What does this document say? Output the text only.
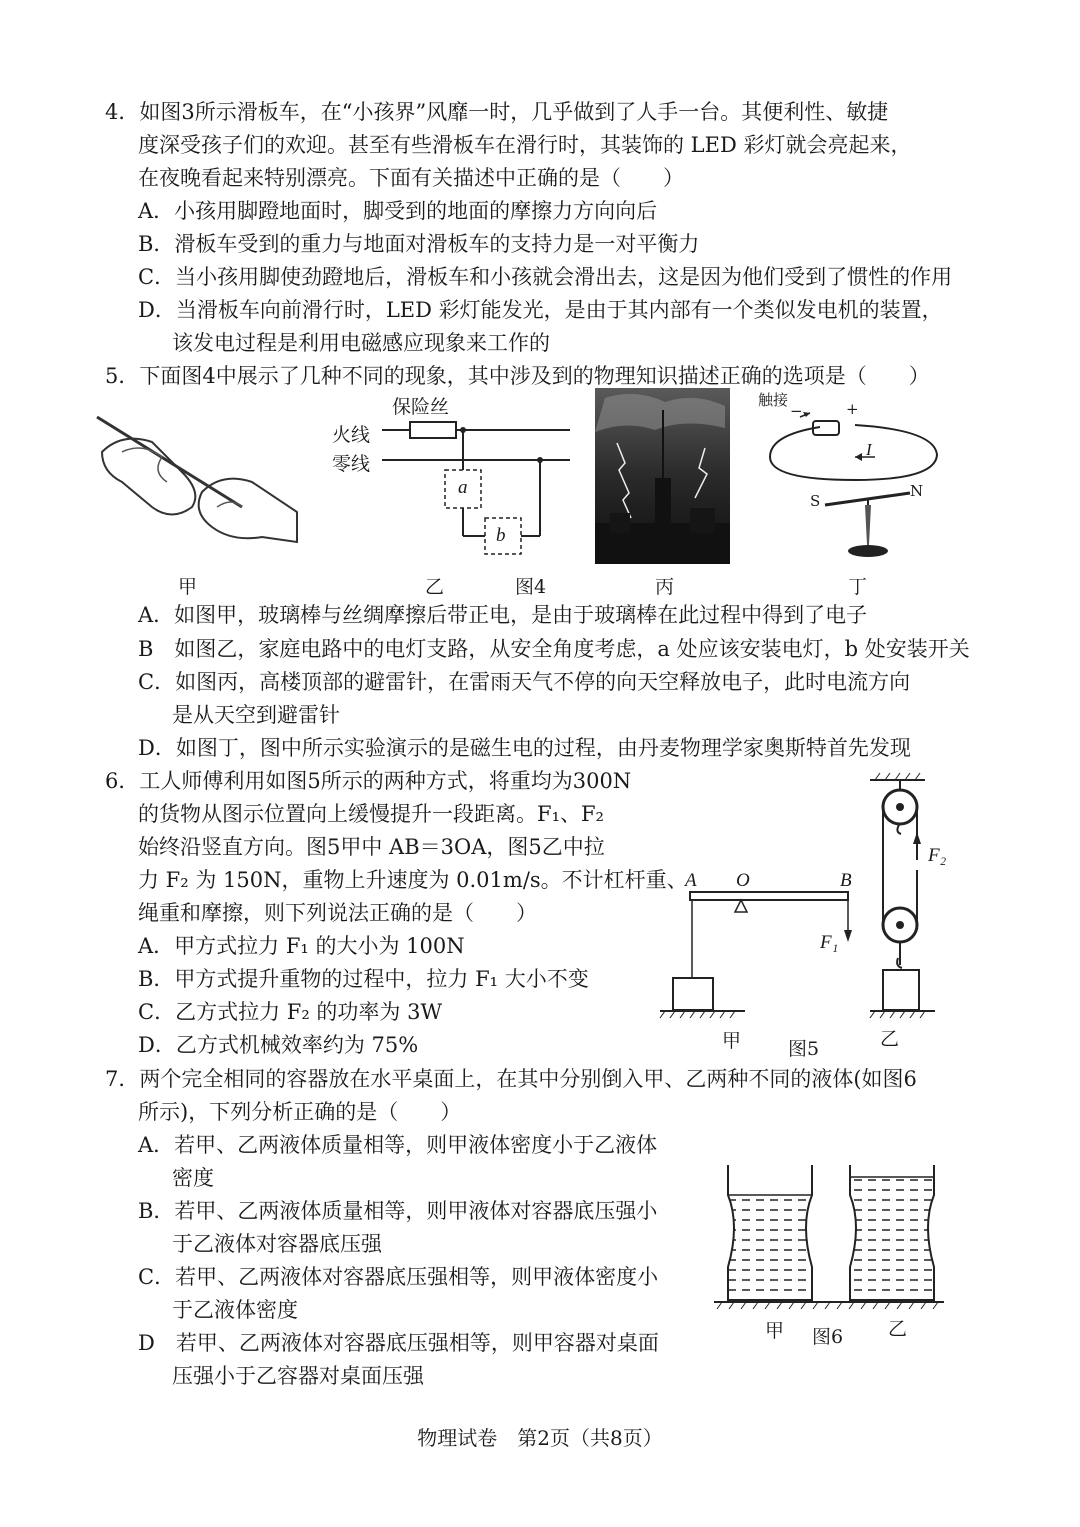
4．如图3所示滑板车，在“小孩界”风靡一时，几乎做到了人手一台。其便利性、敏捷
度深受孩子们的欢迎。甚至有些滑板车在滑行时，其装饰的 LED 彩灯就会亮起来，
在夜晚看起来特别漂亮。下面有关描述中正确的是（　　）
A．小孩用脚蹬地面时，脚受到的地面的摩擦力方向向后
B．滑板车受到的重力与地面对滑板车的支持力是一对平衡力
C．当小孩用脚使劲蹬地后，滑板车和小孩就会滑出去，这是因为他们受到了惯性的作用
D．当滑板车向前滑行时，LED 彩灯能发光，是由于其内部有一个类似发电机的装置，
该发电过程是利用电磁感应现象来工作的
5．下面图4中展示了几种不同的现象，其中涉及到的物理知识描述正确的选项是（　　）
甲
保险丝
火线
零线
a
b
乙	图4	丙
触接
−	+
I
S
N
丁
A．如图甲，玻璃棒与丝绸摩擦后带正电，是由于玻璃棒在此过程中得到了电子
B　如图乙，家庭电路中的电灯支路，从安全角度考虑，a 处应该安装电灯，b 处安装开关
C．如图丙，高楼顶部的避雷针，在雷雨天气不停的向天空释放电子，此时电流方向
是从天空到避雷针
D．如图丁，图中所示实验演示的是磁生电的过程，由丹麦物理学家奥斯特首先发现
6．工人师傅利用如图5所示的两种方式，将重均为300N
的货物从图示位置向上缓慢提升一段距离。F₁、F₂
始终沿竖直方向。图5甲中 AB＝3OA，图5乙中拉
力 F₂ 为 150N，重物上升速度为 0.01m/s。不计杠杆重、
绳重和摩擦，则下列说法正确的是（　　）
A．甲方式拉力 F₁ 的大小为 100N
B．甲方式提升重物的过程中，拉力 F₁ 大小不变
C．乙方式拉力 F₂ 的功率为 3W
D．乙方式机械效率约为 75%
A O	B
F₁
F₂
甲 图5	乙
7．两个完全相同的容器放在水平桌面上，在其中分别倒入甲、乙两种不同的液体(如图6
所示)，下列分析正确的是（　　）
A．若甲、乙两液体质量相等，则甲液体密度小于乙液体
密度
B．若甲、乙两液体质量相等，则甲液体对容器底压强小
于乙液体对容器底压强
C．若甲、乙两液体对容器底压强相等，则甲液体密度小
于乙液体密度
D　若甲、乙两液体对容器底压强相等，则甲容器对桌面
压强小于乙容器对桌面压强
甲 图6 乙
物理试卷　第2页（共8页）
